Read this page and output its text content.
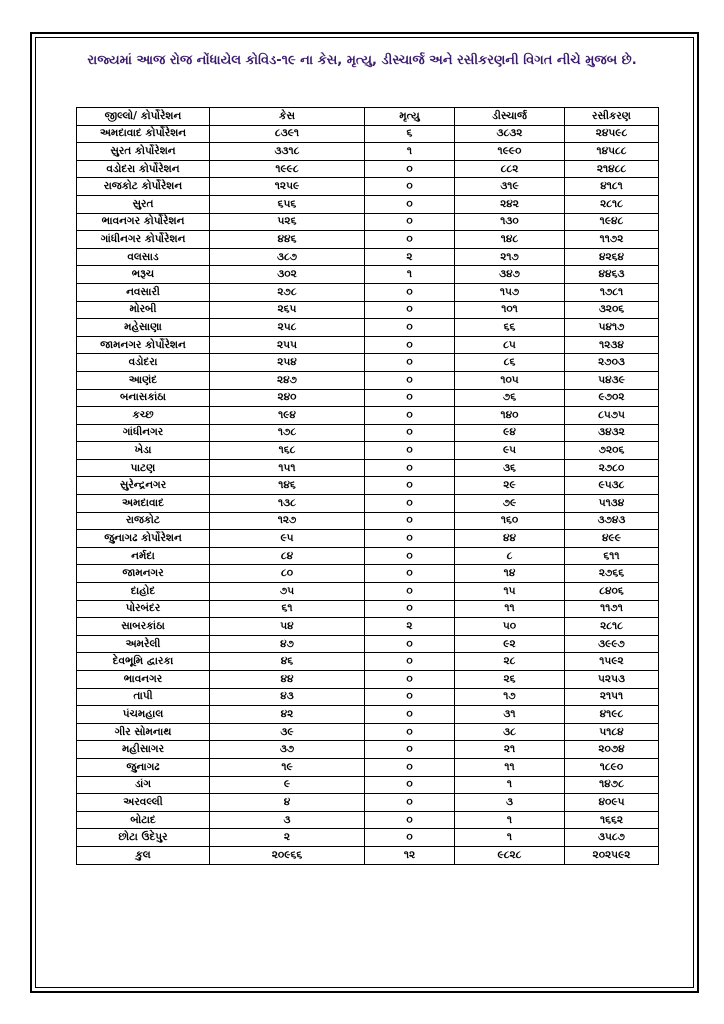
રાજ્યમાં આજ રોજ નોંધાયેલ કોવિડ-૧૯ ના કેસ, મૃત્યુ, ડીસ્ચાર્જ અને રસીકરણની વિગત નીચે મુજબ છે.
જીલ્લો/ કોર્પોરેશન	કેસ	મૃત્યુ	ડીસ્ચાર્જ	રસીકરણ
અમદાવાદ કોર્પોરેશન	૮૩૯૧	૬	૩૮૩૨	૨૪૫૯૮
સુરત કોર્પોરેશન	૩૩૧૮	૧	૧૯૯૦	૧૪૫૮૮
વડોદરા કોર્પોરેશન	૧૯૯૮	૦	૮૮૨	૨૧૪૮૮
રાજકોટ કોર્પોરેશન	૧૨૫૯	૦	૩૧૯	૪૧૮૧
સુરત	૬૫૬	૦	૨૪૨	૨૮૧૮
ભાવનગર કોર્પોરેશન	૫૨૬	૦	૧૩૦	૧૯૪૮
ગાંધીનગર કોર્પોરેશન	૪૪૬	૦	૧૪૮	૧૧૭૨
વલસાડ	૩૮૭	૨	૨૧૭	૪૨૬૪
ભરૂચ	૩૦૨	૧	૩૪૭	૪૪૬૩
નવસારી	૨૭૮	૦	૧૫૭	૧૭૮૧
મોરબી	૨૬૫	૦	૧૦૧	૩૨૦૬
મહેસાણા	૨૫૮	૦	૬૬	૫૪૧૭
જામનગર કોર્પોરેશન	૨૫૫	૦	૮૫	૧૨૩૪
વડોદરા	૨૫૪	૦	૮૬	૨૭૦૩
આણંદ	૨૪૭	૦	૧૦૫	૫૪૩૯
બનાસકાંઠા	૨૪૦	૦	૭૬	૯૭૦૨
કચ્છ	૧૯૪	૦	૧૪૦	૮૫૭૫
ગાંધીનગર	૧૭૮	૦	૯૪	૩૪૩૨
ખેડા	૧૬૮	૦	૯૫	૭૨૦૬
પાટણ	૧૫૧	૦	૩૬	૨૭૮૦
સુરેન્દ્રનગર	૧૪૬	૦	૨૯	૯૫૩૮
અમદાવાદ	૧૩૮	૦	૭૯	૫૧૩૪
રાજકોટ	૧૨૭	૦	૧૬૦	૩૭૪૩
જુનાગઢ કોર્પોરેશન	૯૫	૦	૪૪	૪૯૯
નર્મદા	૮૪	૦	૮	૬૧૧
જામનગર	૮૦	૦	૧૪	૨૭૬૬
દાહોદ	૭૫	૦	૧૫	૮૪૦૬
પોરબંદર	૬૧	૦	૧૧	૧૧૭૧
સાબરકાંઠા	૫૪	૨	૫૦	૨૮૧૮
અમરેલી	૪૭	૦	૯૨	૩૯૯૭
દેવભૂમિ દ્વારકા	૪૬	૦	૨૮	૧૫૯૨
ભાવનગર	૪૪	૦	૨૬	૫૨૫૩
તાપી	૪૩	૦	૧૭	૨૧૫૧
પંચમહાલ	૪૨	૦	૩૧	૪૧૯૮
ગીર સોમનાથ	૩૯	૦	૩૮	૫૧૮૪
મહીસાગર	૩૭	૦	૨૧	૨૦૭૪
જુનાગઢ	૧૯	૦	૧૧	૧૮૯૦
ડાંગ	૯	૦	૧	૧૪૭૮
અરવલ્લી	૪	૦	૩	૪૦૯૫
બોટાદ	૩	૦	૧	૧૬૬૨
છોટા ઉદેપુર	૨	૦	૧	૩૫૮૭
કુલ	૨૦૯૬૬	૧૨	૯૮૨૮	૨૦૨૫૯૨
